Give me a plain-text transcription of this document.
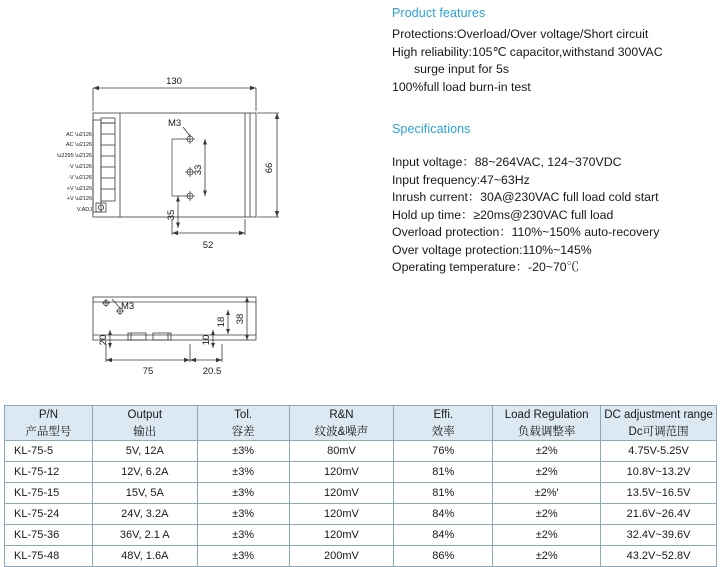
130
66
33
35
52
M3
AC \u2126
AC \u2126
\u2295 \u2126
-V \u2126
-V \u2126
+V \u2126
+V \u2126
V.ADJ
M3
20	10
18 38
75	20.5
Product features
Protections:Overload/Over voltage/Short circuit
High reliability:105℃ capacitor,withstand 300VAC
surge input for 5s
100%full load burn-in test
Specifications
Input voltage：88~264VAC, 124~370VDC
Input frequency:47~63Hz
Inrush current：30A@230VAC full load cold start
Hold up time：≥20ms@230VAC full load
Overload protection：110%~150% auto-recovery
Over voltage protection:110%~145%
Operating temperature：-20~70℃
P/N	Output	Tol.	R&N	Effi.	Load Regulation	DC adjustment range
产品型号	输出	容差	纹波&噪声	效率	负载调整率	Dc可调范围
KL-75-5	5V, 12A	±3%	80mV	76%	±2%	4.75V-5.25V
KL-75-12	12V, 6.2A	±3%	120mV	81%	±2%	10.8V~13.2V
KL-75-15	15V, 5A	±3%	120mV	81%	±2%'	13.5V~16.5V
KL-75-24	24V, 3.2A	±3%	120mV	84%	±2%	21.6V~26.4V
KL-75-36	36V, 2.1 A	±3%	120mV	84%	±2%	32.4V~39.6V
KL-75-48	48V, 1.6A	±3%	200mV	86%	±2%	43.2V~52.8V
